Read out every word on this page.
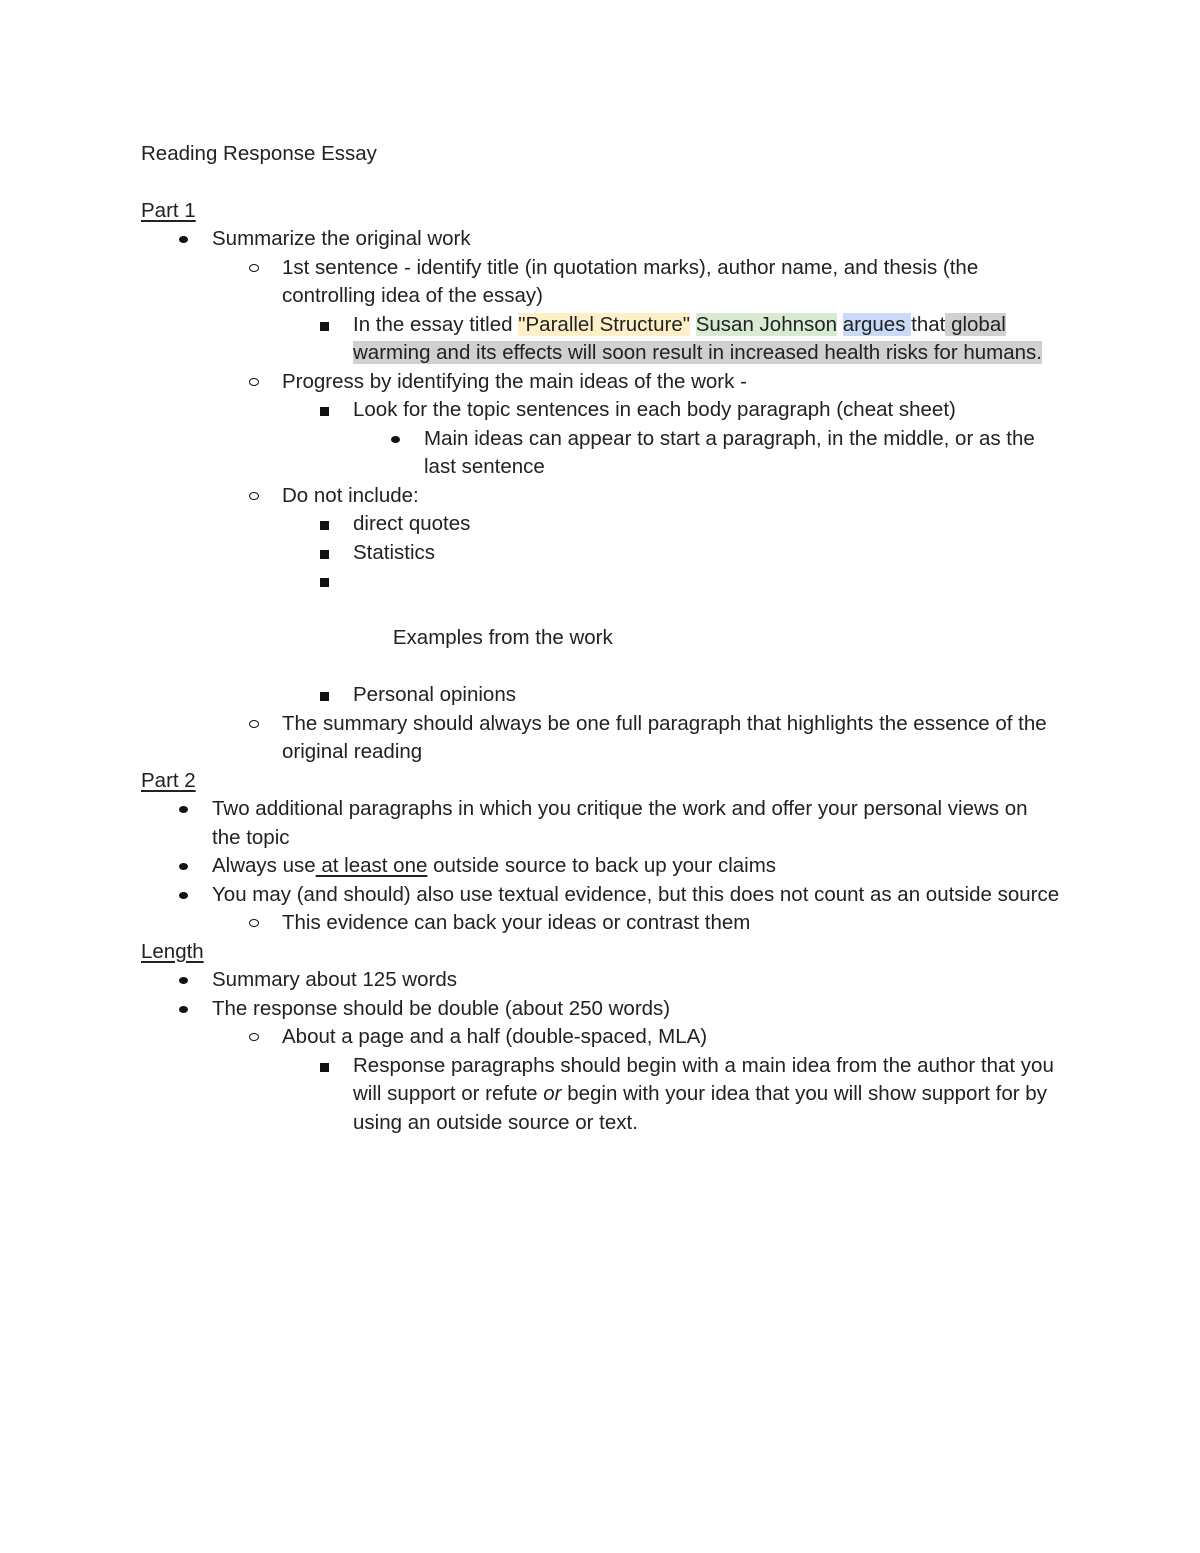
Reading Response Essay
Part 1
Summarize the original work
1st sentence - identify title (in quotation marks), author name, and thesis (the controlling idea of the essay)
In the essay titled "Parallel Structure" Susan Johnson argues that global warming and its effects will soon result in increased health risks for humans.
Progress by identifying the main ideas of the work -
Look for the topic sentences in each body paragraph (cheat sheet)
Main ideas can appear to start a paragraph, in the middle, or as the last sentence
Do not include:
direct quotes
Statistics

Examples from the work

Personal opinions
The summary should always be one full paragraph that highlights the essence of the original reading
Part 2
Two additional paragraphs in which you critique the work and offer your personal views on the topic
Always use at least one outside source to back up your claims
You may (and should) also use textual evidence, but this does not count as an outside source
This evidence can back your ideas or contrast them
Length
Summary about 125 words
The response should be double (about 250 words)
About a page and a half (double-spaced, MLA)
Response paragraphs should begin with a main idea from the author that you will support or refute or begin with your idea that you will show support for by using an outside source or text.
